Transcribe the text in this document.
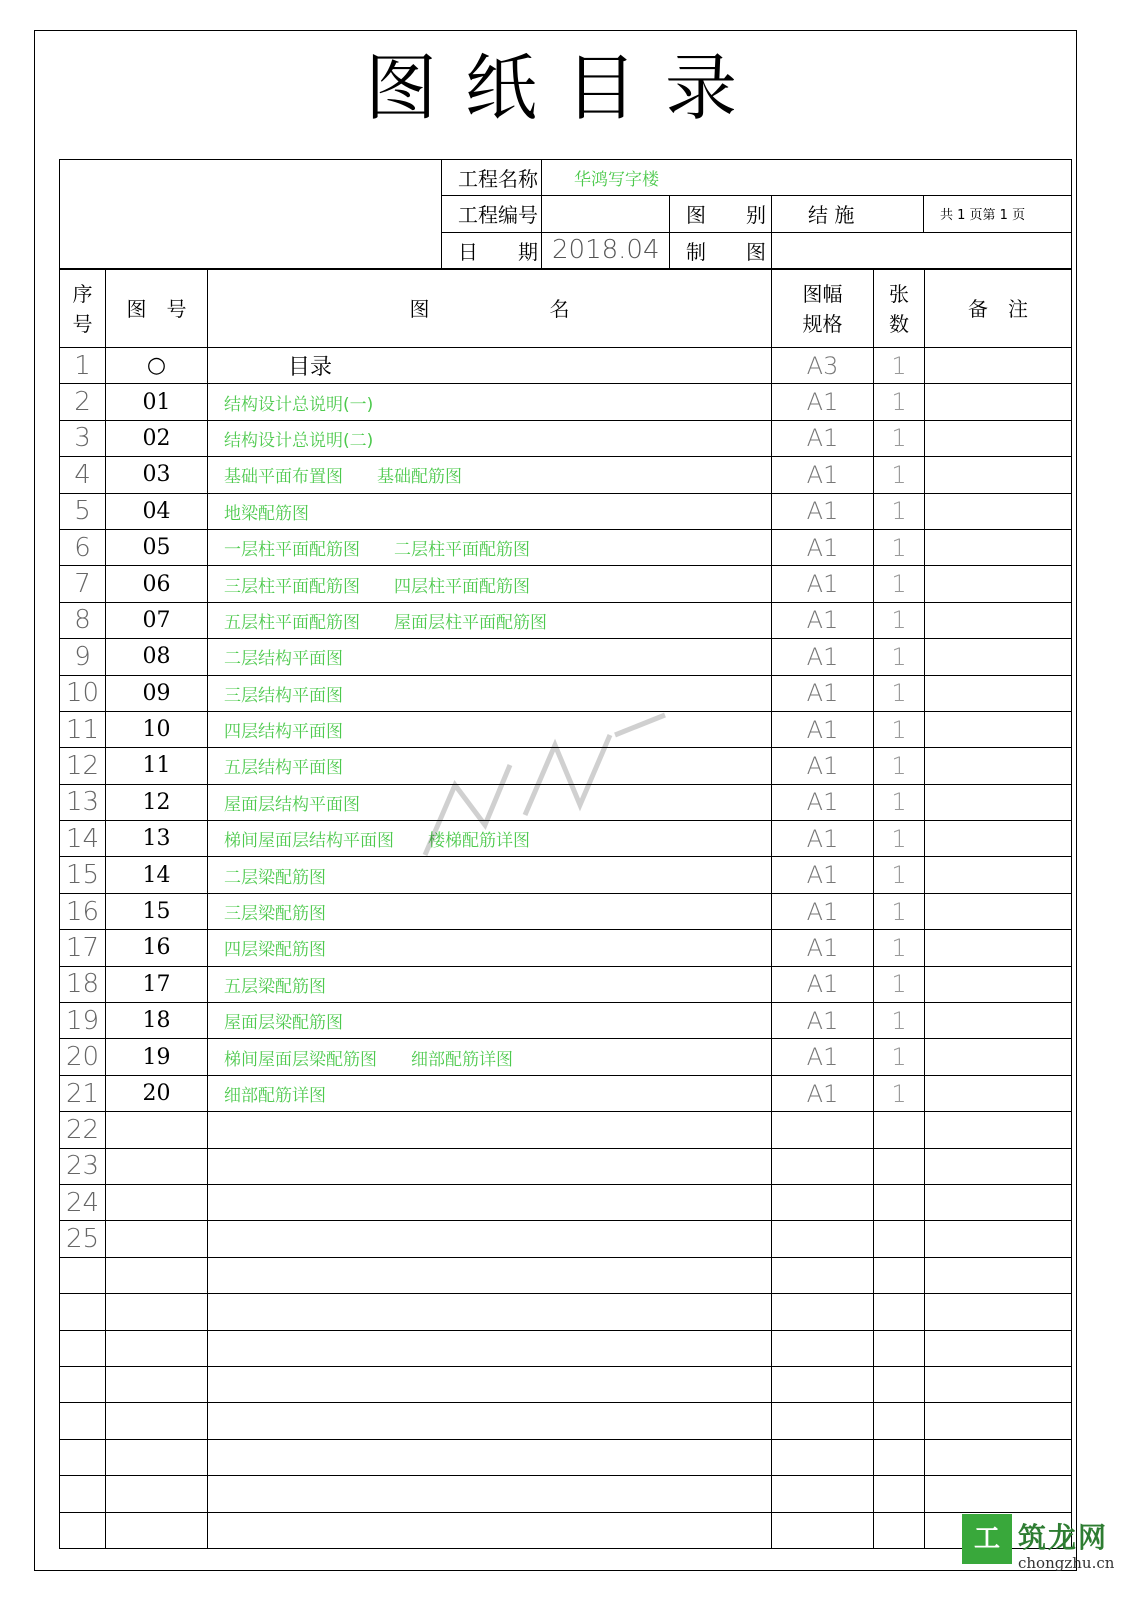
图纸目录
	工程名称	华鸿写字楼			
	工程编号		图　　别	结 施	共 1 页第 1 页
	日　　期	2018.04	制　　图		
序号	图　号	图　　　　　　名	图幅规格	张数	备　注
1	○	目录	A3	1	
2	01	结构设计总说明(一)	A1	1	
3	02	结构设计总说明(二)	A1	1	
4	03	基础平面布置图　　基础配筋图	A1	1	
5	04	地梁配筋图	A1	1	
6	05	一层柱平面配筋图　　二层柱平面配筋图	A1	1	
7	06	三层柱平面配筋图　　四层柱平面配筋图	A1	1	
8	07	五层柱平面配筋图　　屋面层柱平面配筋图	A1	1	
9	08	二层结构平面图	A1	1	
10	09	三层结构平面图	A1	1	
11	10	四层结构平面图	A1	1	
12	11	五层结构平面图	A1	1	
13	12	屋面层结构平面图	A1	1	
14	13	梯间屋面层结构平面图　　楼梯配筋详图	A1	1	
15	14	二层梁配筋图	A1	1	
16	15	三层梁配筋图	A1	1	
17	16	四层梁配筋图	A1	1	
18	17	五层梁配筋图	A1	1	
19	18	屋面层梁配筋图	A1	1	
20	19	梯间屋面层梁配筋图　　细部配筋详图	A1	1	
21	20	细部配筋详图	A1	1	
22					
23					
24					
25					

WPS
工网
筑龙网
chongzhu.cn
